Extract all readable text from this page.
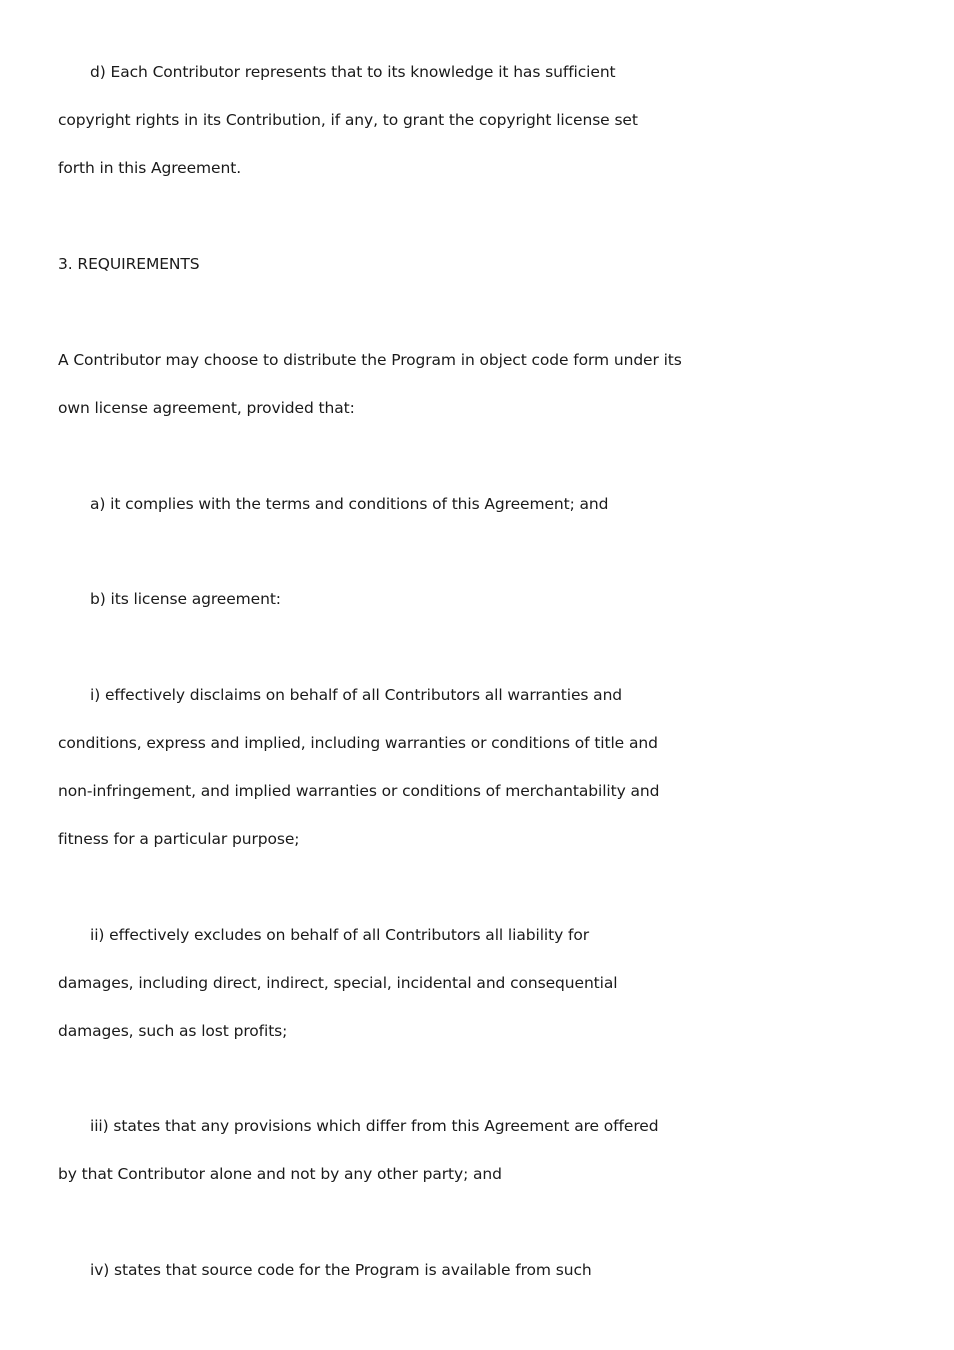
d) Each Contributor represents that to its knowledge it has sufficient
copyright rights in its Contribution, if any, to grant the copyright license set
forth in this Agreement.
3. REQUIREMENTS
A Contributor may choose to distribute the Program in object code form under its
own license agreement, provided that:
a) it complies with the terms and conditions of this Agreement; and
b) its license agreement:
i) effectively disclaims on behalf of all Contributors all warranties and
conditions, express and implied, including warranties or conditions of title and
non-infringement, and implied warranties or conditions of merchantability and
fitness for a particular purpose;
ii) effectively excludes on behalf of all Contributors all liability for
damages, including direct, indirect, special, incidental and consequential
damages, such as lost profits;
iii) states that any provisions which differ from this Agreement are offered
by that Contributor alone and not by any other party; and
iv) states that source code for the Program is available from such
